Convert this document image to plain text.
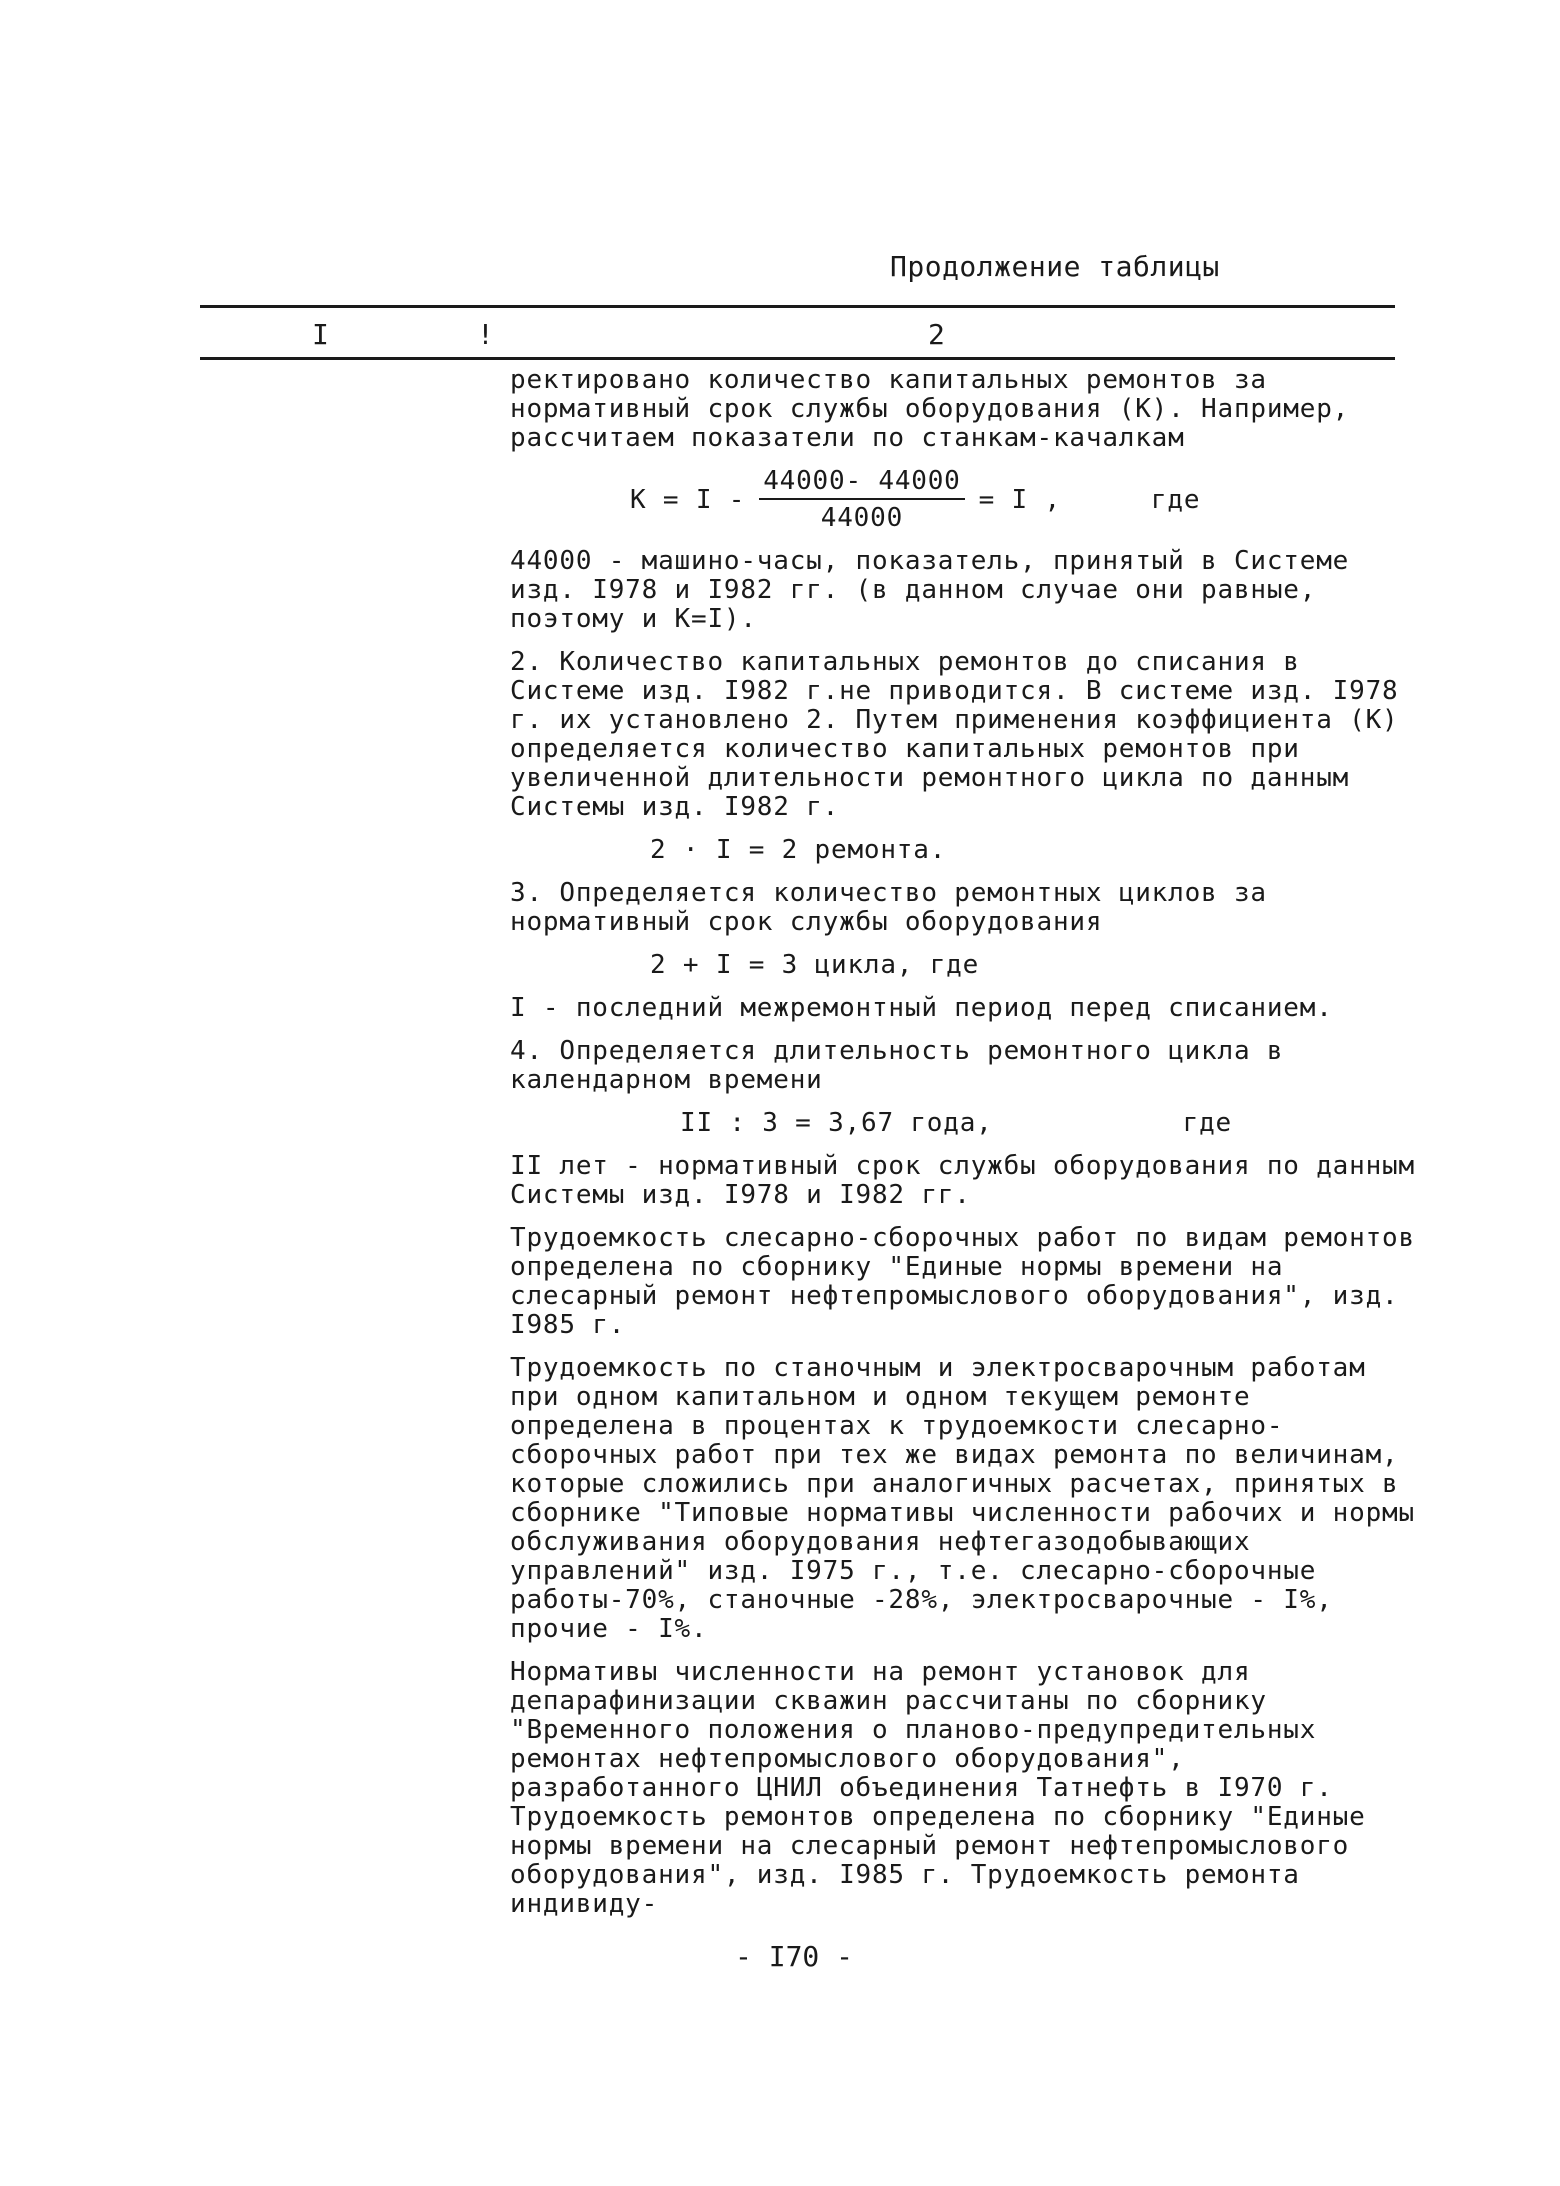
Продолжение таблицы
I	!	2

ректировано количество капитальных ремонтов за нормативный срок службы оборудования (К). Например, рассчитаем показатели по станкам-качалкам

$К = I - \frac{44000- 44000}{44000} = I$ ,	где

44000 - машино-часы, показатель, принятый в Системе изд. I978 и I982 гг. (в данном случае они равные, поэтому и К=I).

2. Количество капитальных ремонтов до списания в Системе изд. I982 г.не приводится. В системе изд. I978 г. их установлено 2. Путем применения коэффициента (К) определяется количество капитальных ремонтов при увеличенной длительности ремонтного цикла по данным Системы изд. I982 г.

2 · I = 2 ремонта.

3. Определяется количество ремонтных циклов за нормативный срок службы оборудования

2 + I = 3 цикла, где

I - последний межремонтный период перед списанием.

4. Определяется длительность ремонтного цикла в календарном времени

II : 3 = 3,67 года,	где

II лет - нормативный срок службы оборудования по данным Системы изд. I978 и I982 гг.

Трудоемкость слесарно-сборочных работ по видам ремонтов определена по сборнику "Единые нормы времени на слесарный ремонт нефтепромыслового оборудования", изд. I985 г.

Трудоемкость по станочным и электросварочным работам при одном капитальном и одном текущем ремонте определена в процентах к трудоемкости слесарно-сборочных работ при тех же видах ремонта по величинам, которые сложились при аналогичных расчетах, принятых в сборнике "Типовые нормативы численности рабочих и нормы обслуживания оборудования нефтегазодобывающих управлений" изд. I975 г., т.е. слесарно-сборочные работы-70%, станочные -28%, электросварочные - I%, прочие - I%.

Нормативы численности на ремонт установок для депарафинизации скважин рассчитаны по сборнику "Временного положения о планово-предупредительных ремонтах нефтепромыслового оборудования", разработанного ЦНИЛ объединения Татнефть в I970 г. Трудоемкость ремонтов определена по сборнику "Единые нормы времени на слесарный ремонт нефтепромыслового оборудования", изд. I985 г. Трудоемкость ремонта индивиду-

- I70 -
